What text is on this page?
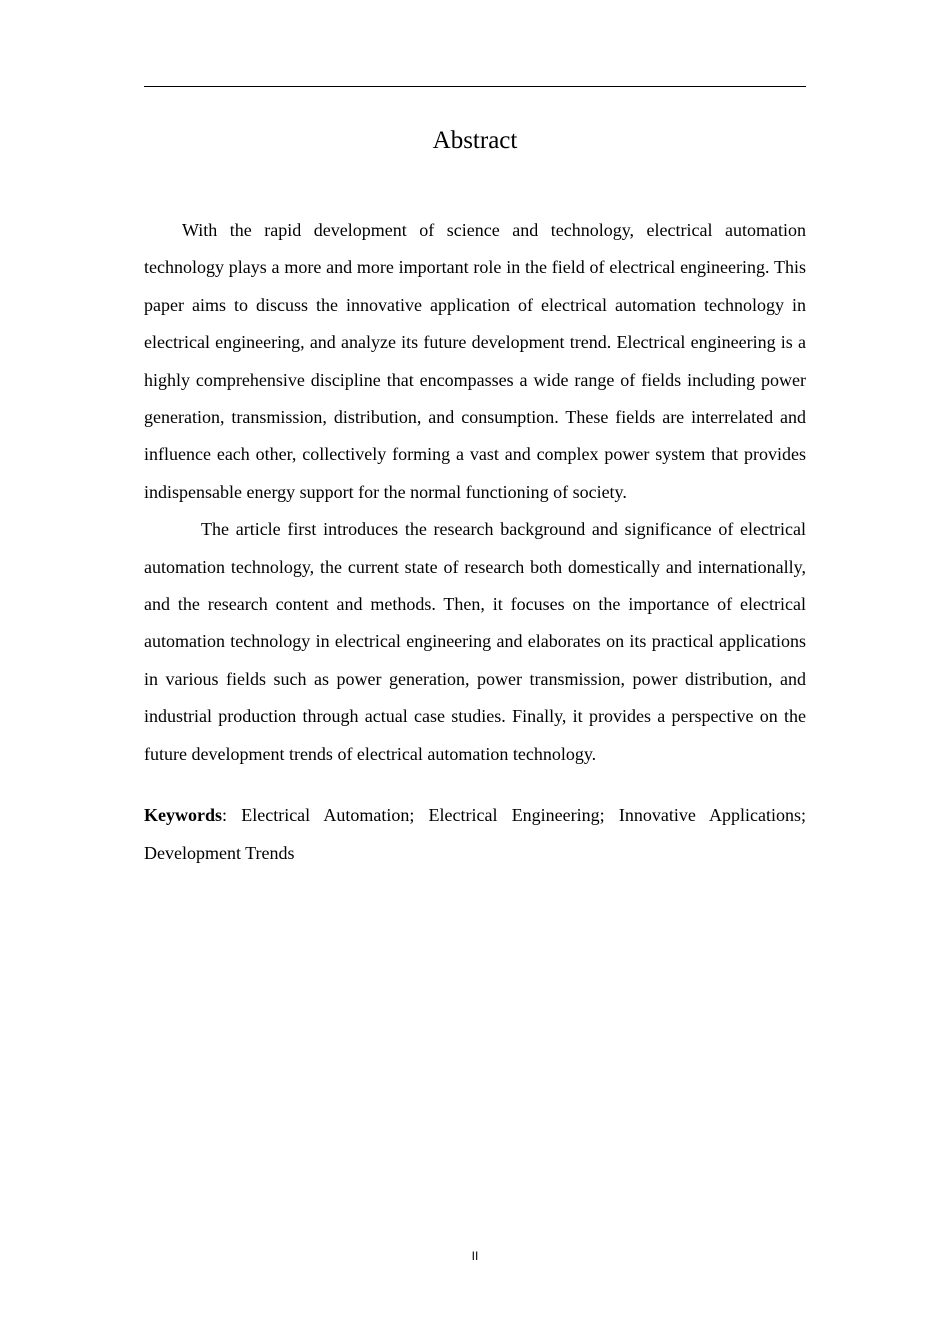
Abstract

With the rapid development of science and technology, electrical automation technology plays a more and more important role in the field of electrical engineering. This paper aims to discuss the innovative application of electrical automation technology in electrical engineering, and analyze its future development trend. Electrical engineering is a highly comprehensive discipline that encompasses a wide range of fields including power generation, transmission, distribution, and consumption. These fields are interrelated and influence each other, collectively forming a vast and complex power system that provides indispensable energy support for the normal functioning of society.

The article first introduces the research background and significance of electrical automation technology, the current state of research both domestically and internationally, and the research content and methods. Then, it focuses on the importance of electrical automation technology in electrical engineering and elaborates on its practical applications in various fields such as power generation, power transmission, power distribution, and industrial production through actual case studies. Finally, it provides a perspective on the future development trends of electrical automation technology.

Keywords: Electrical Automation; Electrical Engineering; Innovative Applications; Development Trends

II
